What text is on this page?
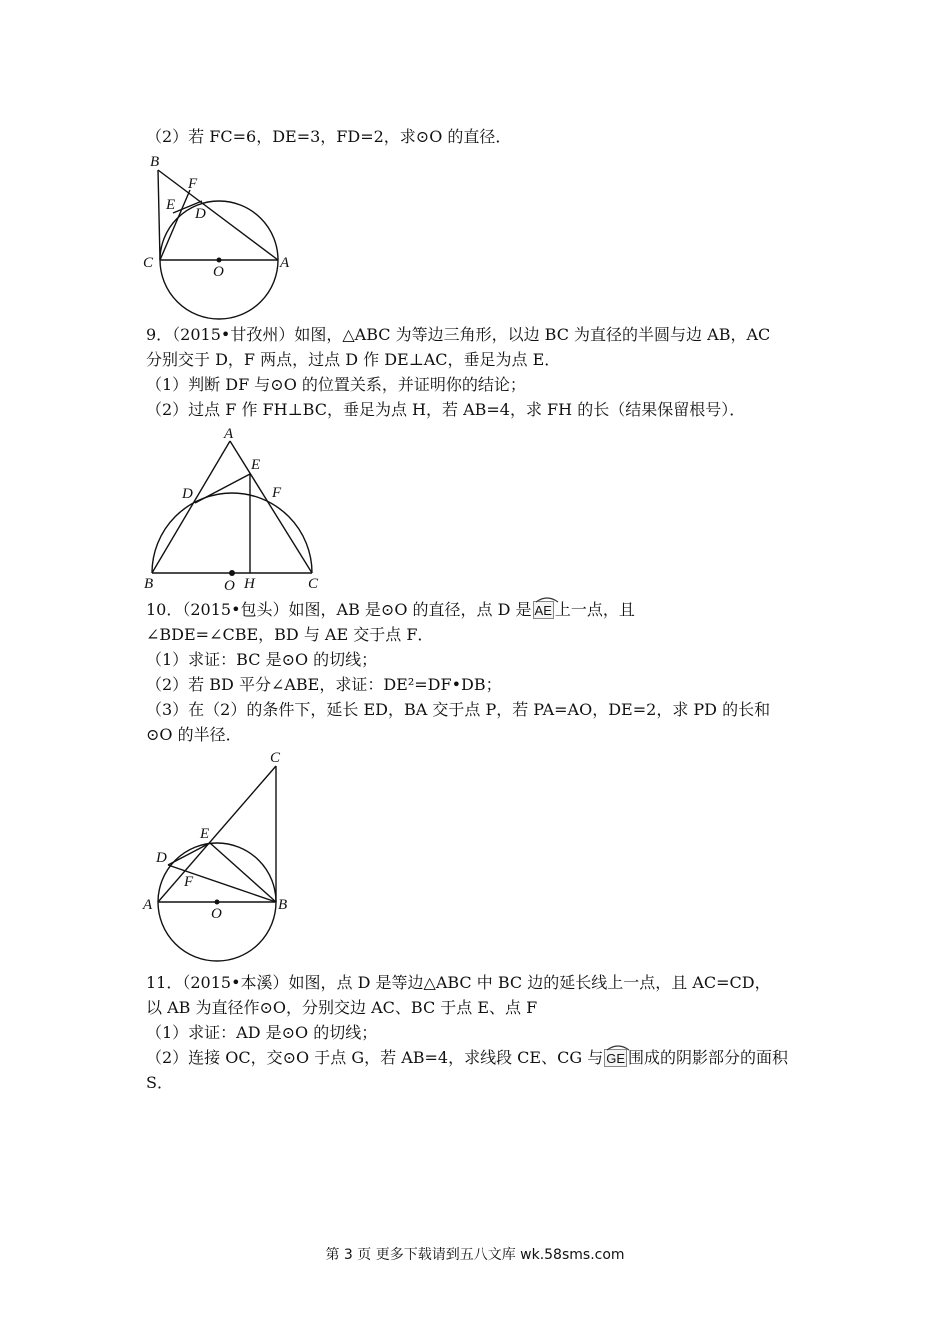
（2）若 FC=6，DE=3，FD=2，求⊙O 的直径．
B
F
E
D
C
O
A
9．（2015•甘孜州）如图，△ABC 为等边三角形，以边 BC 为直径的半圆与边 AB，AC
分别交于 D，F 两点，过点 D 作 DE⊥AC，垂足为点 E．
（1）判断 DF 与⊙O 的位置关系，并证明你的结论；
（2）过点 F 作 FH⊥BC，垂足为点 H，若 AB=4，求 FH 的长（结果保留根号）．
A
E
D	F
B	O H	C
10．（2015•包头）如图，AB 是⊙O 的直径，点 D 是 AE 上一点，且
∠BDE=∠CBE，BD 与 AE 交于点 F．
（1）求证：BC 是⊙O 的切线；
（2）若 BD 平分∠ABE，求证：DE²=DF•DB；
（3）在（2）的条件下，延长 ED，BA 交于点 P，若 PA=AO，DE=2，求 PD 的长和
⊙O 的半径．
C
E
D
F
A
O
B
11．（2015•本溪）如图，点 D 是等边△ABC 中 BC 边的延长线上一点，且 AC=CD，
以 AB 为直径作⊙O，分别交边 AC、BC 于点 E、点 F
（1）求证：AD 是⊙O 的切线；
（2）连接 OC，交⊙O 于点 G，若 AB=4，求线段 CE、CG 与 GE 围成的阴影部分的面积
S．
第 3 页 更多下载请到五八文库 wk.58sms.com
